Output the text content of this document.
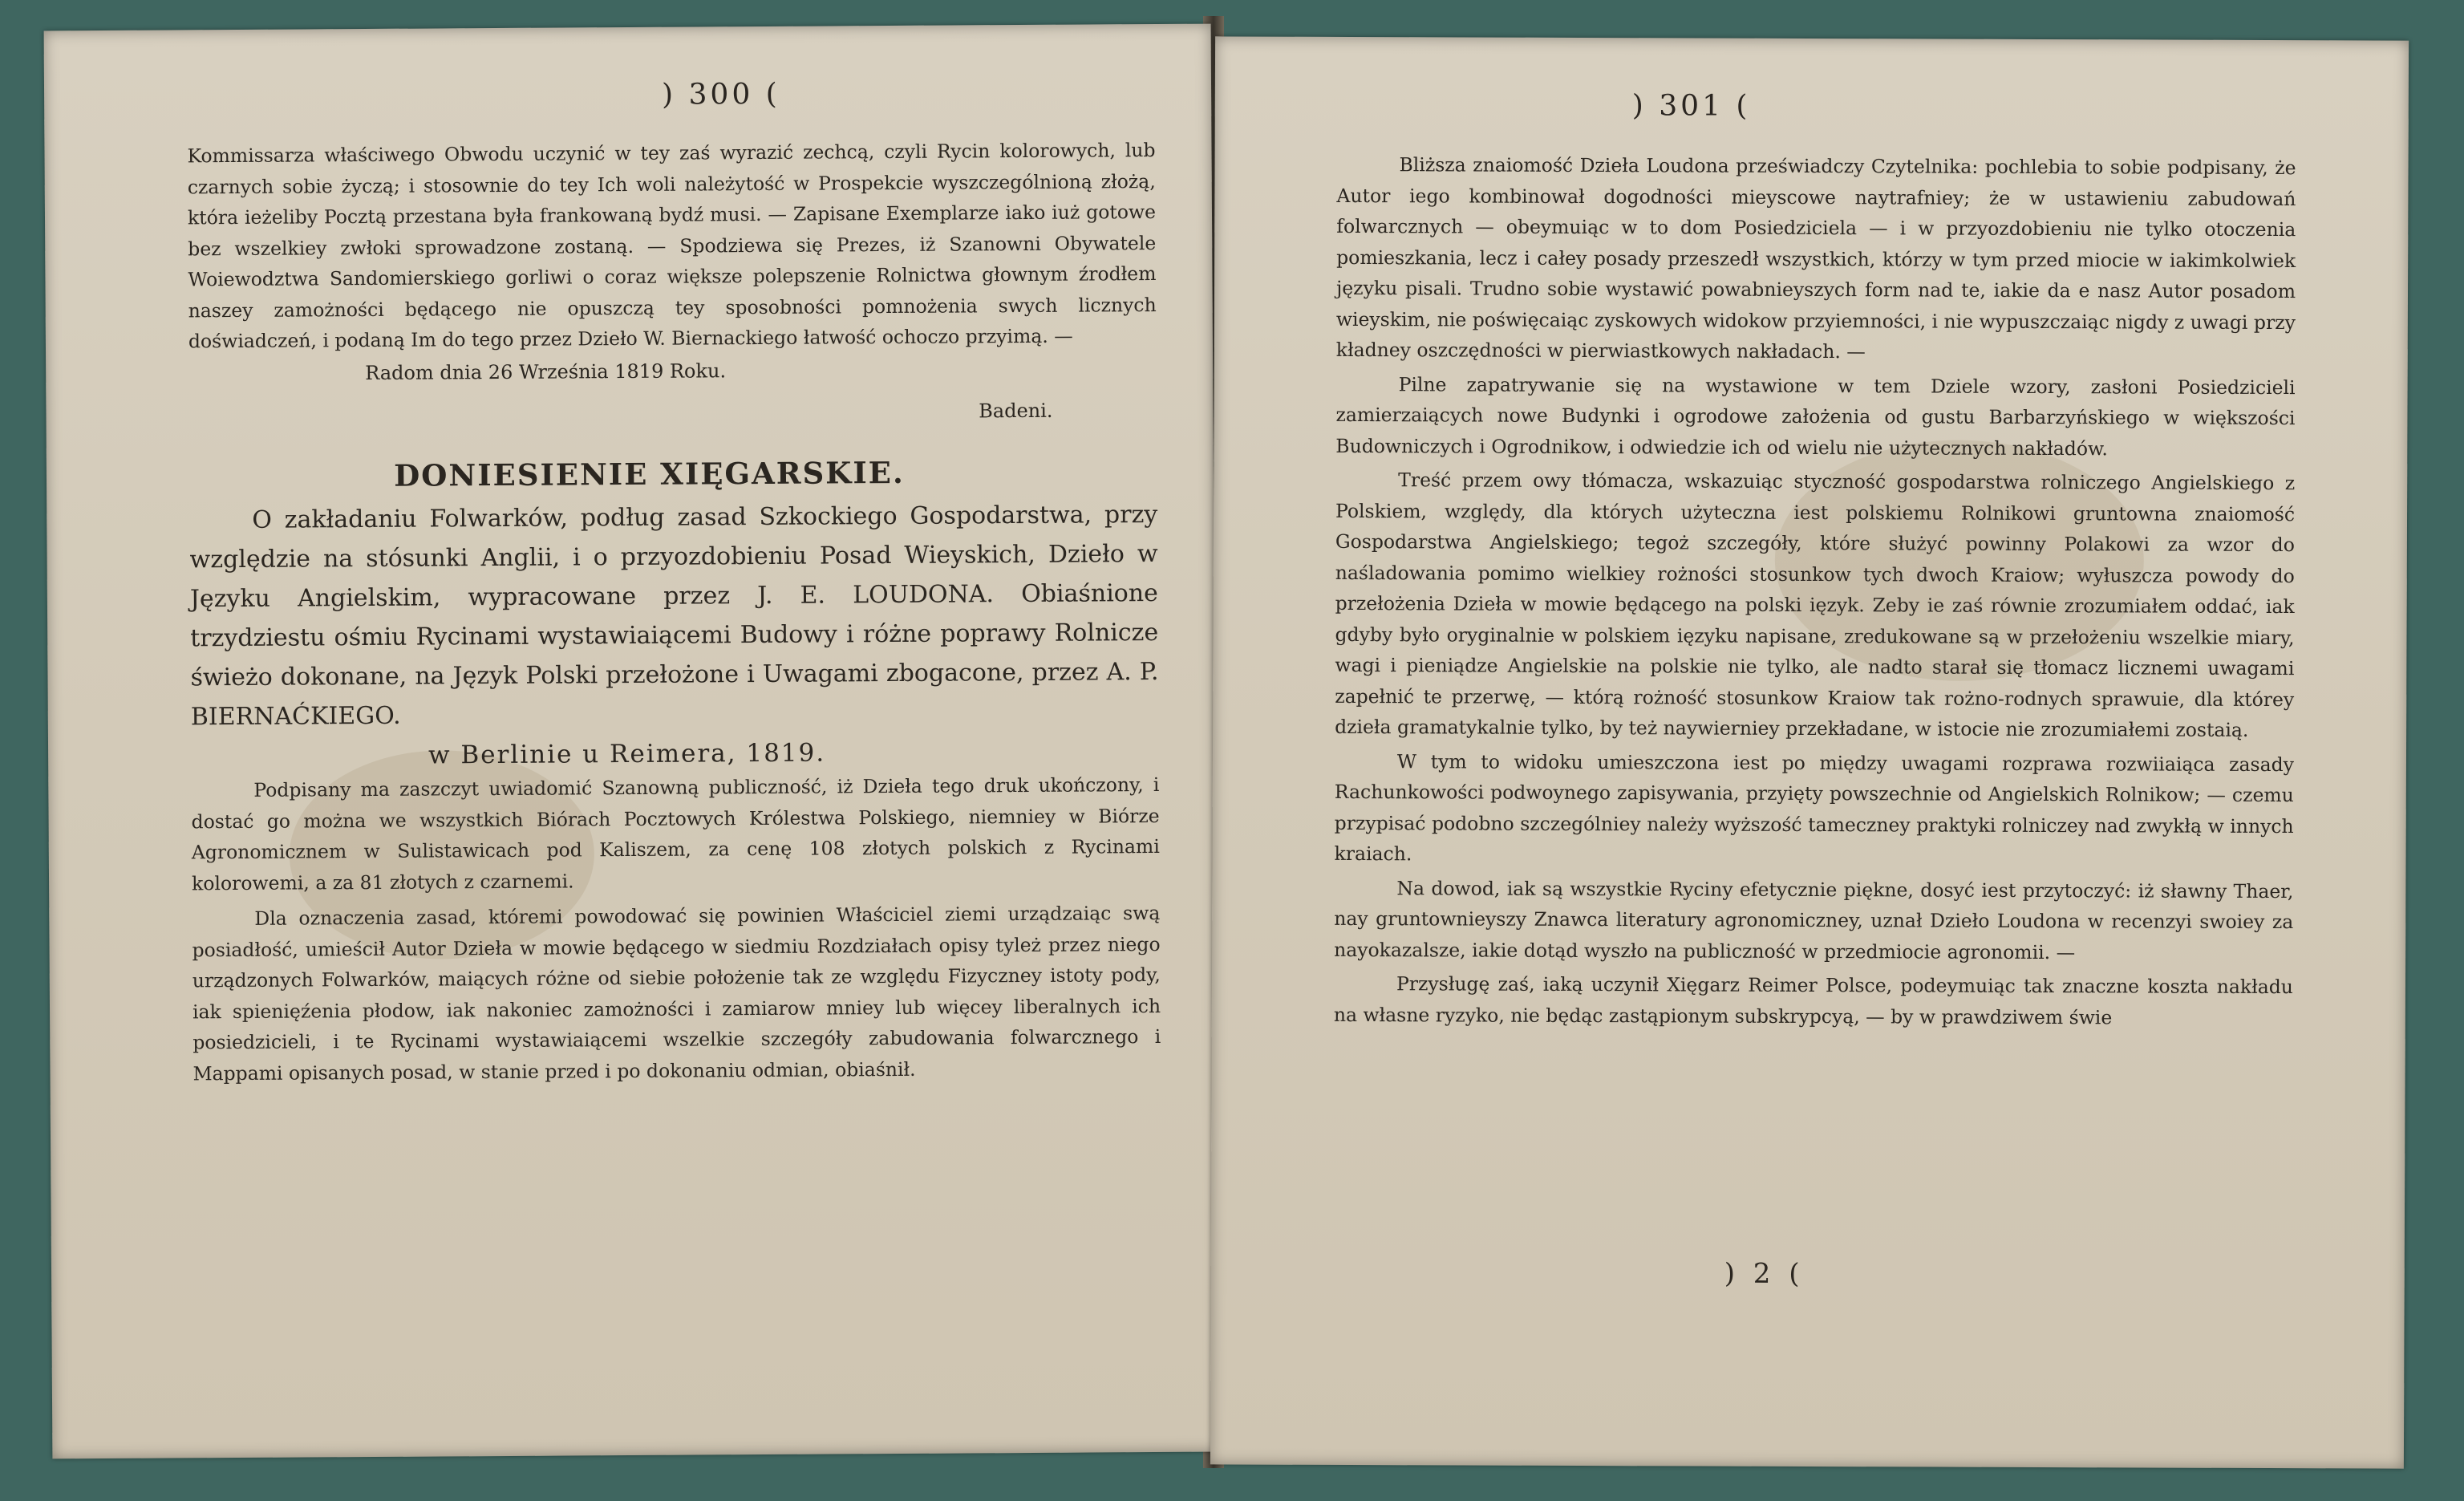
) 300 (

Kommissarza właściwego Obwodu uczynić w tey zaś wyrazić zechcą, czyli Rycin kolorowych, lub czarnych sobie życzą; i stosownie do tey Ich woli należytość w Prospekcie wyszczególnioną złożą, która ieżeliby Pocztą przestana była frankowaną bydź musi. — Zapisane Exemplarze iako iuż gotowe bez wszelkiey zwłoki sprowadzone zostaną. — Spodziewa się Prezes, iż Szanowni Obywatele Woiewodztwa Sandomierskiego gorliwi o coraz większe polepszenie Rolnictwa głownym źrodłem naszey zamożności będącego nie opuszczą tey sposobności pomnożenia swych licznych doświadczeń, i podaną Im do tego przez Dzieło W. Biernackiego łatwość ochoczo przyimą. —

Radom dnia 26 Września 1819 Roku.

Badeni.

DONIESIENIE XIĘGARSKIE.

O zakładaniu Folwarków, podług zasad Szkockiego Gospodarstwa, przy względzie na stósunki Anglii, i o przyozdobieniu Posad Wieyskich, Dzieło w Języku Angielskim, wypracowane przez J. E. LOUDONA. Obiaśnione trzydziestu ośmiu Rycinami wystawiaiącemi Budowy i różne poprawy Rolnicze świeżo dokonane, na Język Polski przełożone i Uwagami zbogacone, przez A. P. BIERNAĆKIEGO.

w Berlinie u Reimera, 1819.

Podpisany ma zaszczyt uwiadomić Szanowną publiczność, iż Dzieła tego druk ukończony, i dostać go można we wszystkich Biórach Pocztowych Królestwa Polskiego, niemniey w Biórze Agronomicznem w Sulistawicach pod Kaliszem, za cenę 108 złotych polskich z Rycinami kolorowemi, a za 81 złotych z czarnemi.

Dla oznaczenia zasad, któremi powodować się powinien Właściciel ziemi urządzaiąc swą posiadłość, umieścił Autor Dzieła w mowie będącego w siedmiu Rozdziałach opisy tyleż przez niego urządzonych Folwarków, maiących różne od siebie położenie tak ze względu Fizyczney istoty pody, iak spienięźenia płodow, iak nakoniec zamożności i zamiarow mniey lub więcey liberalnych ich posiedzicieli, i te Rycinami wystawiaiącemi wszelkie szczegóły zabudowania folwarcznego i Mappami opisanych posad, w stanie przed i po dokonaniu odmian, obiaśnił.

) 301 (

Bliższa znaiomość Dzieła Loudona przeświadczy Czytelnika: pochlebia to sobie podpisany, że Autor iego kombinował dogodności mieyscowe naytrafniey; że w ustawieniu zabudowań folwarcznych — obeymuiąc w to dom Posiedziciela — i w przyozdobieniu nie tylko otoczenia pomieszkania, lecz i całey posady przeszedł wszystkich, którzy w tym przed miocie w iakimkolwiek języku pisali. Trudno sobie wystawić powabnieyszych form nad te, iakie da e nasz Autor posadom wieyskim, nie poświęcaiąc zyskowych widokow przyiemności, i nie wypuszczaiąc nigdy z uwagi przy kładney oszczędności w pierwiastkowych nakładach. —

Pilne zapatrywanie się na wystawione w tem Dziele wzory, zasłoni Posiedzicieli zamierzaiących nowe Budynki i ogrodowe założenia od gustu Barbarzyńskiego w większości Budowniczych i Ogrodnikow, i odwiedzie ich od wielu nie użytecznych nakładów.

Treść przem owy tłómacza, wskazuiąc styczność gospodarstwa rolniczego Angielskiego z Polskiem, względy, dla których użyteczna iest polskiemu Rolnikowi gruntowna znaiomość Gospodarstwa Angielskiego; tegoż szczegóły, które służyć powinny Polakowi za wzor do naśladowania pomimo wielkiey rożności stosunkow tych dwoch Kraiow; wyłuszcza powody do przełożenia Dzieła w mowie będącego na polski ięzyk. Zeby ie zaś równie zrozumiałem oddać, iak gdyby było oryginalnie w polskiem ięzyku napisane, zredukowane są w przełożeniu wszelkie miary, wagi i pieniądze Angielskie na polskie nie tylko, ale nadto starał się tłomacz licznemi uwagami zapełnić te przerwę, — którą rożność stosunkow Kraiow tak rożno-rodnych sprawuie, dla którey dzieła gramatykalnie tylko, by też naywierniey przekładane, w istocie nie zrozumiałemi zostaią.

W tym to widoku umieszczona iest po między uwagami rozprawa rozwiiaiąca zasady Rachunkowości podwoynego zapisywania, przyięty powszechnie od Angielskich Rolnikow; — czemu przypisać podobno szczególniey należy wyższość tameczney praktyki rolniczey nad zwykłą w innych kraiach.

Na dowod, iak są wszystkie Ryciny efetycznie piękne, dosyć iest przytoczyć: iż sławny Thaer, nay gruntownieyszy Znawca literatury agronomiczney, uznał Dzieło Loudona w recenzyi swoiey za nayokazalsze, iakie dotąd wyszło na publiczność w przedmiocie agronomii. —

Przysługę zaś, iaką uczynił Xięgarz Reimer Polsce, podeymuiąc tak znaczne koszta nakładu na własne ryzyko, nie będąc zastąpionym subskrypcyą, — by w prawdziwem świe

) 2 (
